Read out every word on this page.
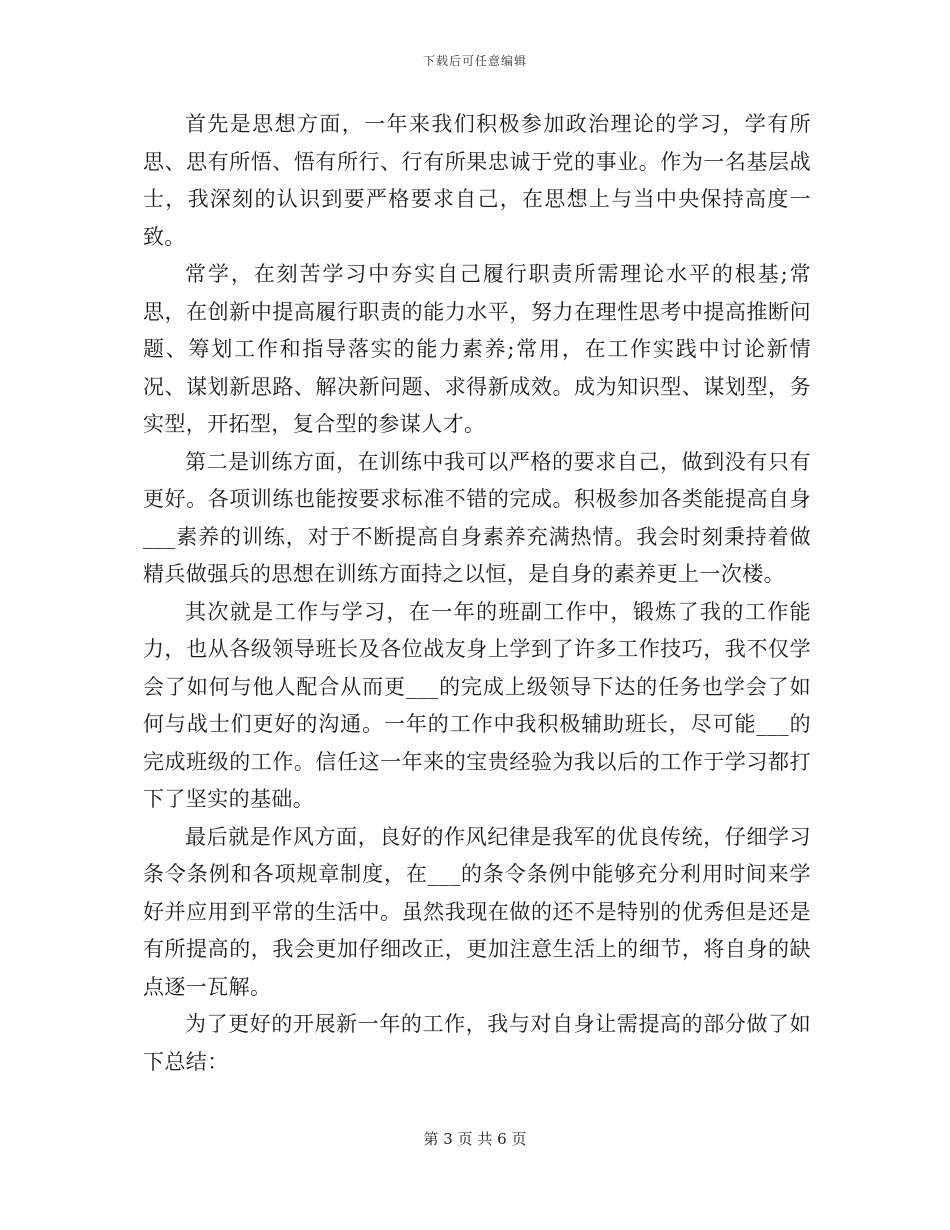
下载后可任意编辑

首先是思想方面，一年来我们积极参加政治理论的学习，学有所思、思有所悟、悟有所行、行有所果忠诚于党的事业。作为一名基层战士，我深刻的认识到要严格要求自己，在思想上与当中央保持高度一致。

常学，在刻苦学习中夯实自己履行职责所需理论水平的根基;常思，在创新中提高履行职责的能力水平，努力在理性思考中提高推断问题、筹划工作和指导落实的能力素养;常用，在工作实践中讨论新情况、谋划新思路、解决新问题、求得新成效。成为知识型、谋划型，务实型，开拓型，复合型的参谋人才。

第二是训练方面，在训练中我可以严格的要求自己，做到没有只有更好。各项训练也能按要求标准不错的完成。积极参加各类能提高自身___素养的训练，对于不断提高自身素养充满热情。我会时刻秉持着做精兵做强兵的思想在训练方面持之以恒，是自身的素养更上一次楼。

其次就是工作与学习，在一年的班副工作中，锻炼了我的工作能力，也从各级领导班长及各位战友身上学到了许多工作技巧，我不仅学会了如何与他人配合从而更___的完成上级领导下达的任务也学会了如何与战士们更好的沟通。一年的工作中我积极辅助班长，尽可能___的完成班级的工作。信任这一年来的宝贵经验为我以后的工作于学习都打下了坚实的基础。

最后就是作风方面，良好的作风纪律是我军的优良传统，仔细学习条令条例和各项规章制度，在___的条令条例中能够充分利用时间来学好并应用到平常的生活中。虽然我现在做的还不是特别的优秀但是还是有所提高的，我会更加仔细改正，更加注意生活上的细节，将自身的缺点逐一瓦解。

为了更好的开展新一年的工作，我与对自身让需提高的部分做了如下总结：

第 3 页 共 6 页
